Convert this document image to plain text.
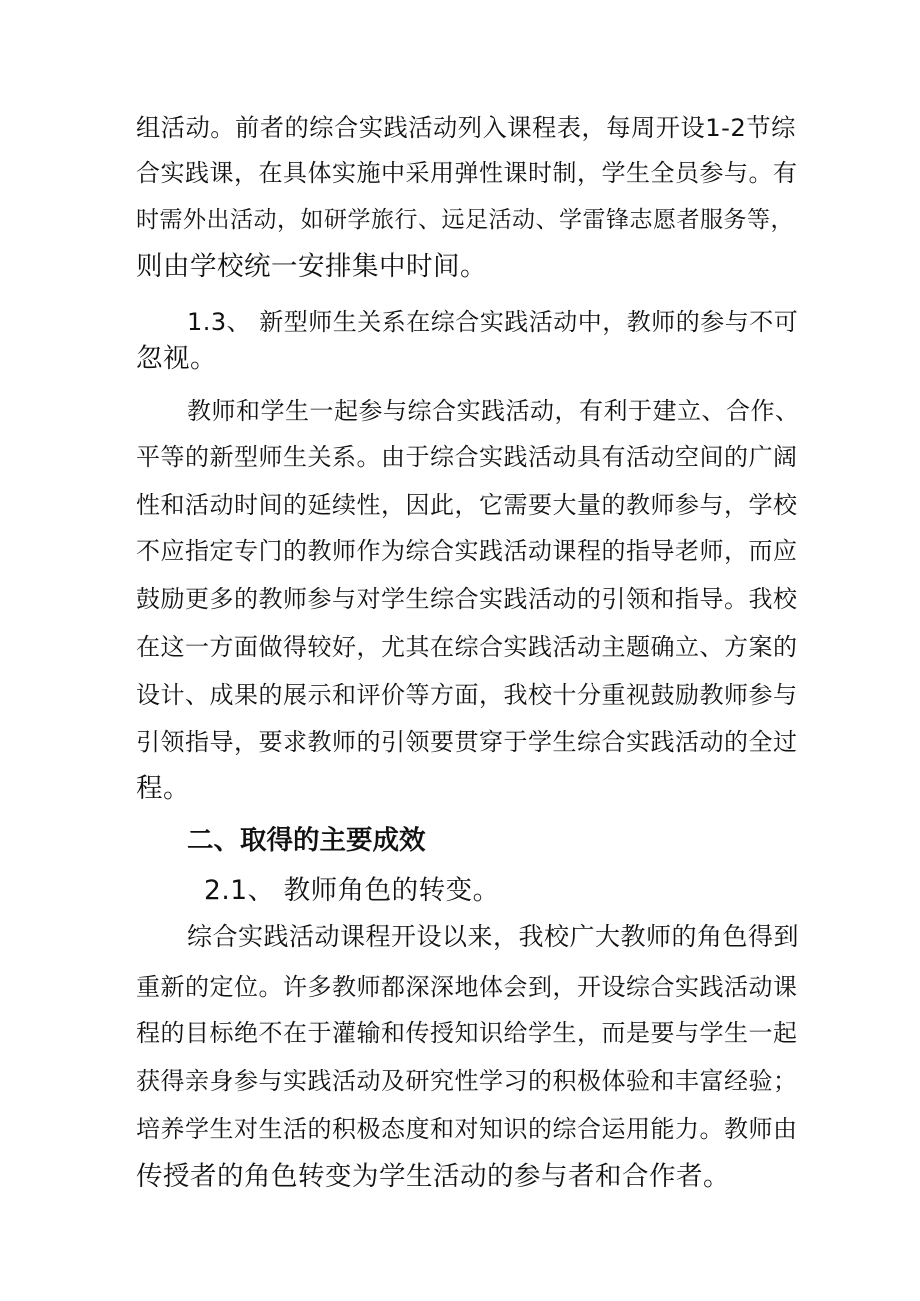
组活动。前者的综合实践活动列入课程表，每周开设1-2节综
合实践课，在具体实施中采用弹性课时制，学生全员参与。有
时需外出活动，如研学旅行、远足活动、学雷锋志愿者服务等，
则由学校统一安排集中时间。
1.3、 新型师生关系在综合实践活动中，教师的参与不可
忽视。
教师和学生一起参与综合实践活动，有利于建立、合作、
平等的新型师生关系。由于综合实践活动具有活动空间的广阔
性和活动时间的延续性，因此，它需要大量的教师参与，学校
不应指定专门的教师作为综合实践活动课程的指导老师，而应
鼓励更多的教师参与对学生综合实践活动的引领和指导。我校
在这一方面做得较好，尤其在综合实践活动主题确立、方案的
设计、成果的展示和评价等方面，我校十分重视鼓励教师参与
引领指导，要求教师的引领要贯穿于学生综合实践活动的全过
程。
二、取得的主要成效
2.1、 教师角色的转变。
综合实践活动课程开设以来，我校广大教师的角色得到
重新的定位。许多教师都深深地体会到，开设综合实践活动课
程的目标绝不在于灌输和传授知识给学生，而是要与学生一起
获得亲身参与实践活动及研究性学习的积极体验和丰富经验；
培养学生对生活的积极态度和对知识的综合运用能力。教师由
传授者的角色转变为学生活动的参与者和合作者。
